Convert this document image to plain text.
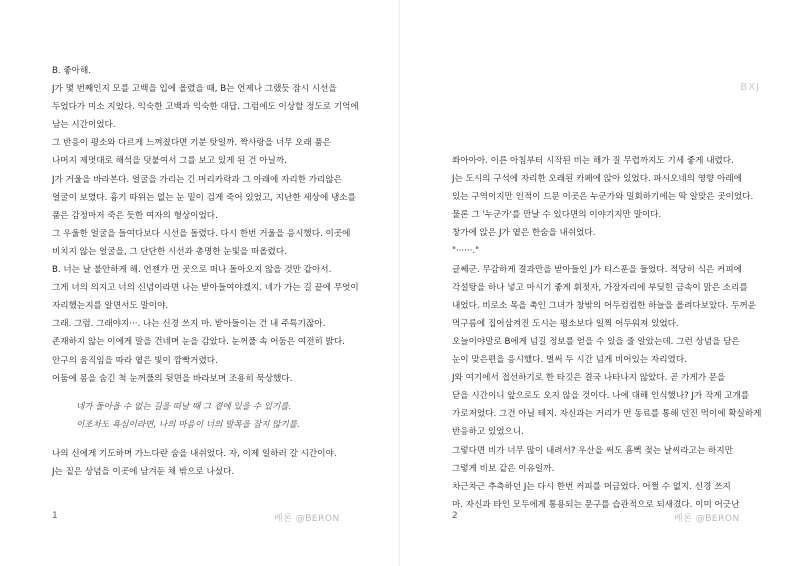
B. 좋아해.
J가 몇 번째인지 모를 고백을 입에 올렸을 때, B는 언제나 그랬듯 잠시 시선을
두었다가 미소 지었다. 익숙한 고백과 익숙한 대답. 그럼에도 이상할 정도로 기억에
남는 시간이었다.
그 반응이 평소와 다르게 느껴졌다면 기분 탓일까. 짝사랑을 너무 오래 품은
나머지 제멋대로 해석을 덧붙여서 그를 보고 있게 된 건 아닐까.
J가 거울을 바라본다. 얼굴을 가리는 긴 머리카락과 그 아래에 자리한 가리않은
얼굴이 보였다. 흉기 따위는 없는 눈 밑이 검게 죽어 있었고, 지난한 세상에 냉소를
품은 감정마저 죽은 듯한 여자의 형상이었다.
그 우울한 얼굴을 들여다보다 시선을 돌렸다. 다시 한번 거울을 응시했다. 이곳에
비치지 않는 얼굴을, 그 단단한 시선과 총명한 눈빛을 떠올렸다.
B. 너는 날 불안하게 해. 언젠가 먼 곳으로 떠나 돌아오지 않을 것만 같아서.
그게 너의 의지고 너의 신념이라면 나는 받아들여야겠지. 네가 가는 길 끝에 무엇이
자리했는지를 알면서도 말이야.
그래. 그럼. 그래야지···. 나는 신경 쓰지 마. 받아들이는 건 내 주특기잖아.
존재하지 않는 이에게 말을 건네며 눈을 감았다. 눈꺼풀 속 어둠은 여전히 밝다.
안구의 움직임을 따라 옅은 빛이 깜빡거렸다.
어둠에 몸을 숨긴 척 눈꺼풀의 뒷면을 바라보며 조용히 묵상했다.
네가 돌아올 수 없는 길을 떠날 때 그 곁에 있을 수 있기를.
이조차도 욕심이라면, 나의 마음이 너의 발목을 잡지 않기를.
나의 신에게 기도하며 가느다란 숨을 내쉬었다. 자, 이제 일하러 갈 시간이야.
J는 짙은 상념을 이곳에 남겨둔 채 밖으로 나섰다.
1	베론 @BERON
BXJ
쏴아아아. 이른 아침부터 시작된 비는 해가 질 무렵까지도 기세 좋게 내렸다.
J는 도시의 구석에 자리한 오래된 카페에 앉아 있었다. 파시오네의 영향 아래에
있는 구역이지만 인적이 드문 이곳은 누군가와 밀회하기에는 딱 알맞은 곳이었다.
물론 그 '누군가'를 만날 수 있다면의 이야기지만 말이다.
창가에 앉은 J가 옅은 한숨을 내쉬었다.
"······."
글쎄군. 무감하게 결과만을 받아들인 J가 티스푼을 들었다. 적당히 식은 커피에
각설탕을 하나 넣고 마시기 좋게 휘젓자, 가장자리에 부딪힌 금속이 맑은 소리를
내었다. 비로소 목을 축인 그녀가 창밖의 어두컴컴한 하늘을 올려다보았다. 두꺼운
먹구름에 집어삼켜진 도시는 평소보다 일찍 어두워져 있었다.
오늘이야말로 B에게 넘길 정보를 얻을 수 있을 줄 알았는데. 그런 상념을 담은
눈이 맞은편을 응시했다. 벌써 두 시간 넘게 비어있는 자리였다.
J와 여기에서 접선하기로 한 타깃은 결국 나타나지 않았다. 곧 가게가 문을
닫을 시간이니 앞으로도 오지 않을 것이다. 나에 대해 인식했나? J가 작게 고개를
가로저었다. 그건 아닐 테지. 자신과는 거리가 먼 동료를 통해 던진 먹이에 확실하게
반응하고 있었으니.
그렇다면 비가 너무 많이 내려서? 우산을 써도 흠뻑 젖는 날씨라고는 하지만
그렇게 비보 같은 이유일까.
차근차근 추측하던 J는 다시 한번 커피를 머금었다. 어쩔 수 없지. 신경 쓰지
마. 자신과 타인 모두에게 통용되는 문구를 습관적으로 되새겼다. 이미 어긋난
2	베론 @BERON
